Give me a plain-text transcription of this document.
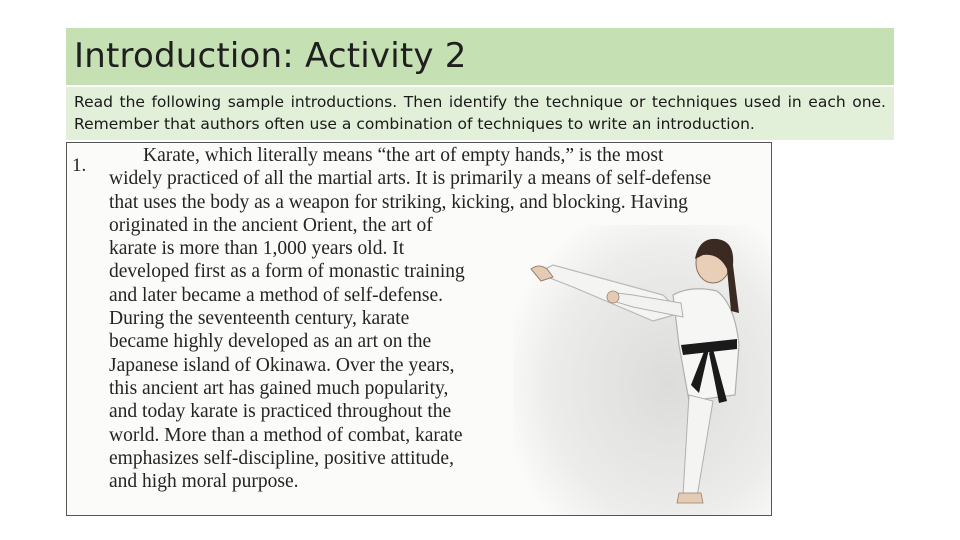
Introduction: Activity 2

Read the following sample introductions. Then identify the technique or techniques used in each one. Remember that authors often use a combination of techniques to write an introduction.

1.	Karate, which literally means “the art of empty hands,” is the most
widely practiced of all the martial arts. It is primarily a means of self-defense
that uses the body as a weapon for striking, kicking, and blocking. Having
originated in the ancient Orient, the art of
karate is more than 1,000 years old. It
developed first as a form of monastic training
and later became a method of self-defense.
During the seventeenth century, karate
became highly developed as an art on the
Japanese island of Okinawa. Over the years,
this ancient art has gained much popularity,
and today karate is practiced throughout the
world. More than a method of combat, karate
emphasizes self-discipline, positive attitude,
and high moral purpose.
